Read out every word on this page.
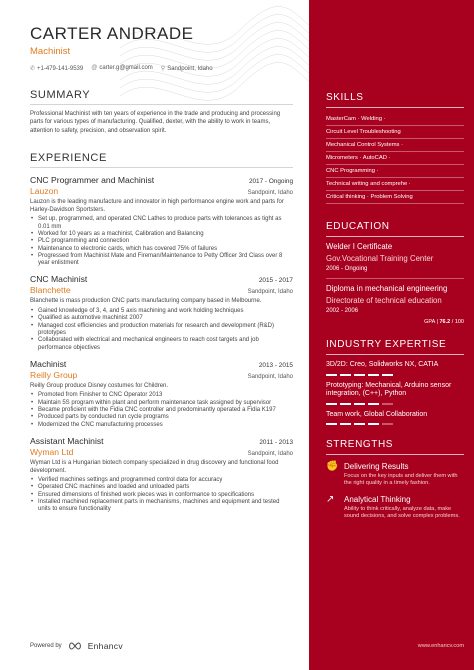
CARTER ANDRADE
Machinist
✆ +1-479-141-9539 @ carter.g@gmail.com ⚲ Sandpoint, Idaho
SUMMARY
Professional Machinist with ten years of experience in the trade and producing and processing parts for various types of manufacturing. Qualified, dexter, with the ability to work in teams, attention to safety, precision, and observation spirit.
EXPERIENCE
CNC Programmer and Machinist	2017 - Ongoing
Lauzon	Sandpoint, Idaho
Lauzon is the leading manufacture and innovator in high performance engine work and parts for Harley-Davidson Sportsters.
• Set up, programmed, and operated CNC Lathes to produce parts with tolerances as tight as 0.01 mm
• Worked for 10 years as a machinist, Calibration and Balancing
• PLC programming and connection
• Maintenance to electronic cards, which has covered 75% of failures
• Progressed from Machinist Mate and Fireman/Maintenance to Petty Officer 3rd Class over 8 year enlistment
CNC Machinist	2015 - 2017
Blanchette	Sandpoint, Idaho
Blanchette is mass production CNC parts manufacturing company based in Melbourne.
• Gained knowledge of 3, 4, and 5 axis machining and work holding techniques
• Qualified as automotive machinist 2007
• Managed cost efficiencies and production materials for research and development (R&D) prototypes
• Collaborated with electrical and mechanical engineers to reach cost targets and job performance objectives
Machinist	2013 - 2015
Reilly Group	Sandpoint, Idaho
Reilly Group produce Disney costumes for Children.
• Promoted from Finisher to CNC Operator 2013
• Maintain 5S program within plant and perform maintenance task assigned by supervisor
• Became proficient with the Fidia CNC controller and predominantly operated a Fidia K197
• Produced parts by conducted run cycle programs
• Modernized the CNC manufacturing processes
Assistant Machinist	2011 - 2013
Wyman Ltd	Sandpoint, Idaho
Wyman Ltd is a Hungarian biotech company specialized in drug discovery and functional food development.
• Verified machines settings and programmed control data for accuracy
• Operated CNC machines and loaded and unloaded parts
• Ensured dimensions of finished work pieces was in conformance to specifications
• Installed machined replacement parts in mechanisms, machines and equipment and tested units to ensure functionality
Powered by	Enhancv
SKILLS
MasterCam · Welding ·
Circuit Level Troubleshooting
Mechanical Control Systems ·
Micrometers · AutoCAD ·
CNC Programming ·
Technical writing and comprehe ·
Critical thinking · Problem Solving
EDUCATION
Welder I Certificate
Gov.Vocational Training Center
2006 - Ongoing
Diploma in mechanical engineering
Directorate of technical education
2002 - 2006
GPA | 76.2 / 100
INDUSTRY EXPERTISE
3D/2D: Creo, Solidworks NX, CATIA
Prototyping: Mechanical, Arduino sensor integration, (C++), Python
Team work, Global Collaboration
STRENGTHS
✊ Delivering Results
Focus on the key inputs and deliver them with the right quality in a timely fashion.
↗	Analytical Thinking
Ability to think critically, analyze data, make sound decisions, and solve complex problems.
www.enhancv.com
